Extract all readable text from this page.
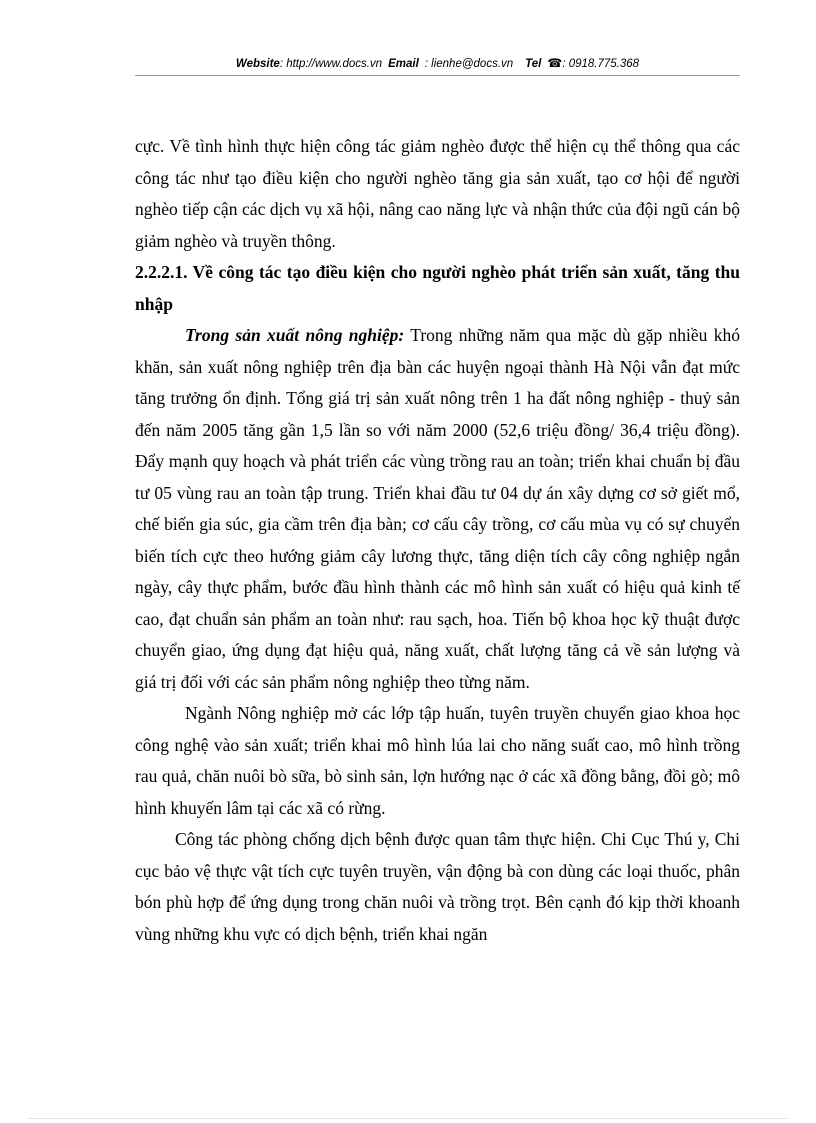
Website: http://www.docs.vn Email : lienhe@docs.vn Tel ☎: 0918.775.368

cực. Về tình hình thực hiện công tác giảm nghèo được thể hiện cụ thể thông qua các công tác như tạo điều kiện cho người nghèo tăng gia sản xuất, tạo cơ hội để người nghèo tiếp cận các dịch vụ xã hội, nâng cao năng lực và nhận thức của đội ngũ cán bộ giảm nghèo và truyền thông.

2.2.2.1. Về công tác tạo điều kiện cho người nghèo phát triển sản xuất, tăng thu nhập

Trong sản xuất nông nghiệp: Trong những năm qua mặc dù gặp nhiều khó khăn, sản xuất nông nghiệp trên địa bàn các huyện ngoại thành Hà Nội vẫn đạt mức tăng trưởng ổn định. Tổng giá trị sản xuất nông trên 1 ha đất nông nghiệp - thuỷ sản đến năm 2005 tăng gần 1,5 lần so với năm 2000 (52,6 triệu đồng/ 36,4 triệu đồng). Đẩy mạnh quy hoạch và phát triển các vùng trồng rau an toàn; triển khai chuẩn bị đầu tư 05 vùng rau an toàn tập trung. Triển khai đầu tư 04 dự án xây dựng cơ sở giết mổ, chế biến gia súc, gia cầm trên địa bàn; cơ cấu cây trồng, cơ cấu mùa vụ có sự chuyển biến tích cực theo hướng giảm cây lương thực, tăng diện tích cây công nghiệp ngắn ngày, cây thực phẩm, bước đầu hình thành các mô hình sản xuất có hiệu quả kinh tế cao, đạt chuẩn sản phẩm an toàn như: rau sạch, hoa. Tiến bộ khoa học kỹ thuật được chuyển giao, ứng dụng đạt hiệu quả, năng xuất, chất lượng tăng cả về sản lượng và giá trị đối với các sản phẩm nông nghiệp theo từng năm.

Ngành Nông nghiệp mở các lớp tập huấn, tuyên truyền chuyển giao khoa học công nghệ vào sản xuất; triển khai mô hình lúa lai cho năng suất cao, mô hình trồng rau quả, chăn nuôi bò sữa, bò sinh sản, lợn hướng nạc ở các xã đồng bằng, đồi gò; mô hình khuyến lâm tại các xã có rừng.

Công tác phòng chống dịch bệnh được quan tâm thực hiện. Chi Cục Thú y, Chi cục bảo vệ thực vật tích cực tuyên truyền, vận động bà con dùng các loại thuốc, phân bón phù hợp để ứng dụng trong chăn nuôi và trồng trọt. Bên cạnh đó kịp thời khoanh vùng những khu vực có dịch bệnh, triển khai ngăn
